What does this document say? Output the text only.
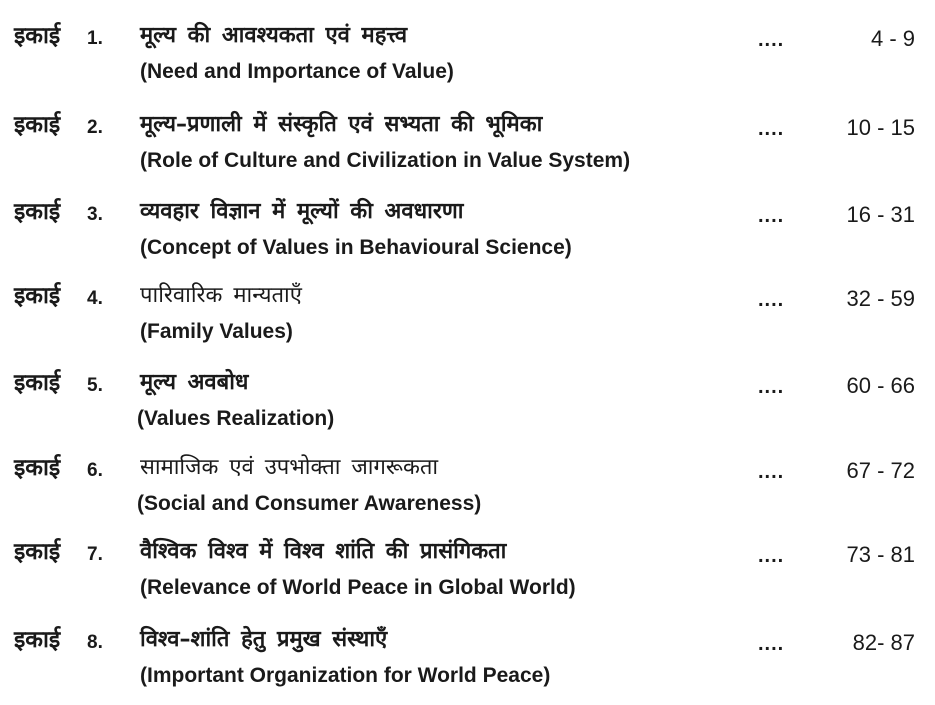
इकाई 1. मूल्य की आवश्यकता एवं महत्त्व
(Need and Importance of Value)
....	4 - 9
इकाई 2. मूल्य–प्रणाली में संस्कृति एवं सभ्यता की भूमिका
(Role of Culture and Civilization in Value System)
....	10 - 15
इकाई 3. व्यवहार विज्ञान में मूल्यों की अवधारणा
(Concept of Values in Behavioural Science)
....	16 - 31
इकाई 4. पारिवारिक मान्यताएँ
(Family Values)
....	32 - 59
इकाई 5. मूल्य अवबोध
(Values Realization)
....	60 - 66
इकाई 6. सामाजिक एवं उपभोक्ता जागरूकता
(Social and Consumer Awareness)
....	67 - 72
इकाई 7. वैश्विक विश्व में विश्व शांति की प्रासंगिकता
(Relevance of World Peace in Global World)
....	73 - 81
इकाई 8. विश्व–शांति हेतु प्रमुख संस्थाएँ
(Important Organization for World Peace)
....	82- 87
